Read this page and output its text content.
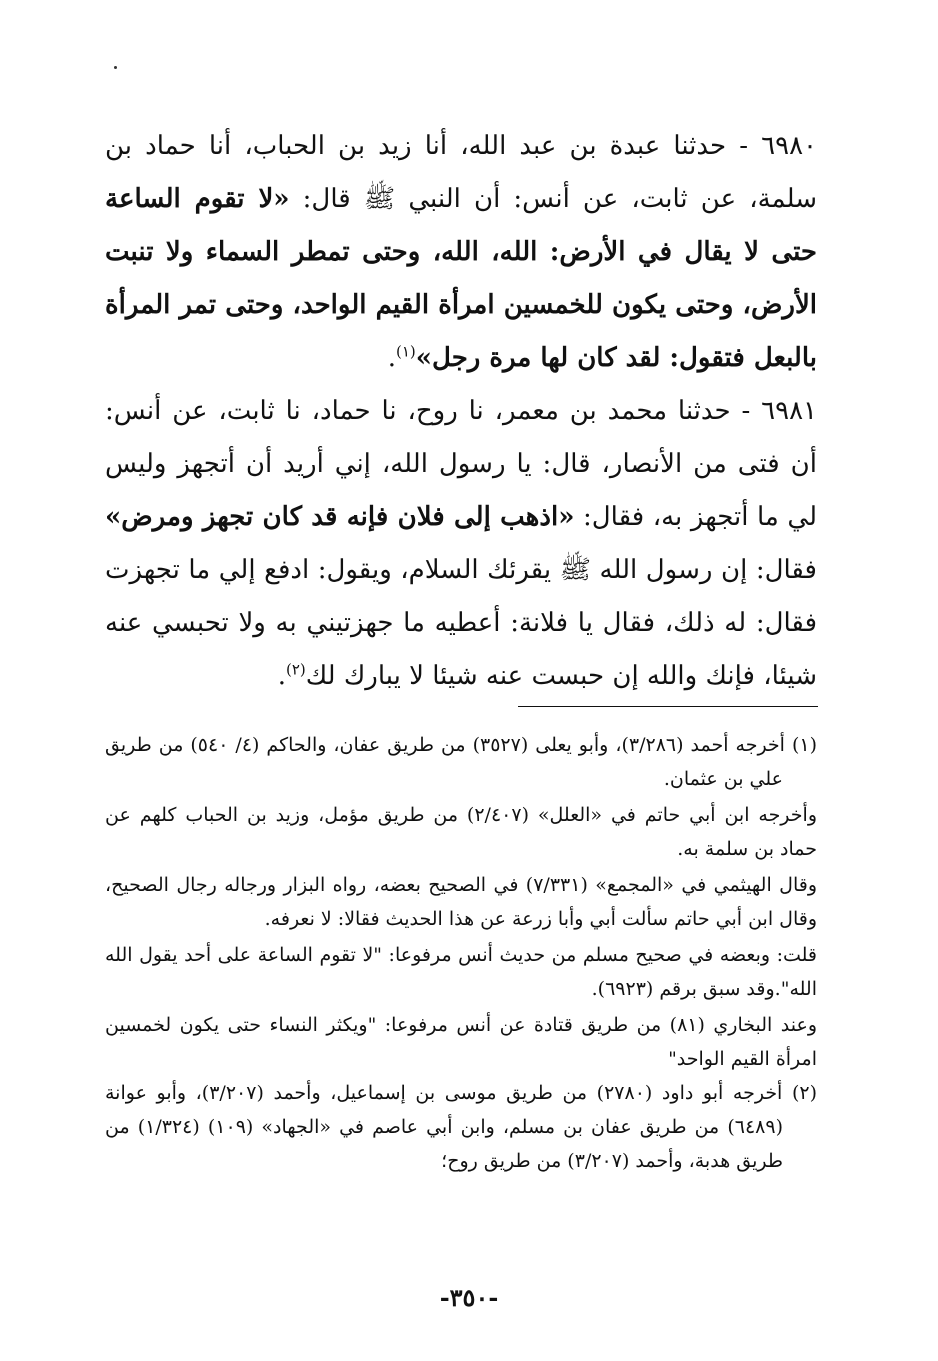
٦٩٨٠ - حدثنا عبدة بن عبد الله، أنا زيد بن الحباب، أنا حماد بن سلمة، عن ثابت، عن أنس: أن النبي ﷺ قال: «لا تقوم الساعة حتى لا يقال في الأرض: الله، الله، وحتى تمطر السماء ولا تنبت الأرض، وحتى يكون للخمسين امرأة القيم الواحد، وحتى تمر المرأة بالبعل فتقول: لقد كان لها مرة رجل»$^{(١)}$.

٦٩٨١ - حدثنا محمد بن معمر، نا روح، نا حماد، نا ثابت، عن أنس: أن فتى من الأنصار، قال: يا رسول الله، إني أريد أن أتجهز وليس لي ما أتجهز به، فقال: «اذهب إلى فلان فإنه قد كان تجهز ومرض» فقال: إن رسول الله ﷺ يقرئك السلام، ويقول: ادفع إلي ما تجهزت فقال: له ذلك، فقال يا فلانة: أعطيه ما جهزتيني به ولا تحبسي عنه شيئا، فإنك والله إن حبست عنه شيئا لا يبارك لك$^{(٢)}$.

(١) أخرجه أحمد (٣/٢٨٦)، وأبو يعلى (٣٥٢٧) من طريق عفان، والحاكم (٤/ ٥٤٠) من طريق علي بن عثمان.

وأخرجه ابن أبي حاتم في «العلل» (٢/٤٠٧) من طريق مؤمل، وزيد بن الحباب كلهم عن حماد بن سلمة به.

وقال الهيثمي في «المجمع» (٧/٣٣١) في الصحيح بعضه، رواه البزار ورجاله رجال الصحيح، وقال ابن أبي حاتم سألت أبي وأبا زرعة عن هذا الحديث فقالا: لا نعرفه.

قلت: وبعضه في صحيح مسلم من حديث أنس مرفوعا: "لا تقوم الساعة على أحد يقول الله الله".وقد سبق برقم (٦٩٢٣).

وعند البخاري (٨١) من طريق قتادة عن أنس مرفوعا: "ويكثر النساء حتى يكون لخمسين امرأة القيم الواحد"

(٢) أخرجه أبو داود (٢٧٨٠) من طريق موسى بن إسماعيل، وأحمد (٣/٢٠٧)، وأبو عوانة (٦٤٨٩) من طريق عفان بن مسلم، وابن أبي عاصم في «الجهاد» (١٠٩) (١/٣٢٤) من طريق هدبة، وأحمد (٣/٢٠٧) من طريق روح؛

-٣٥٠-
